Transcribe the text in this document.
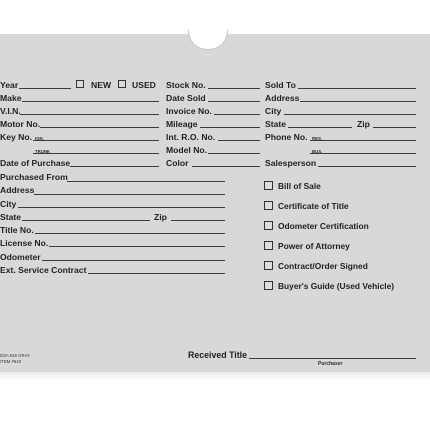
Year	NEW USED Stock No.	Sold To
Make	Date Sold	Address
V.I.N.	Invoice No.	City
Motor No.	Mileage	State	Zip
Key No. IGN.	Int. R.O. No.	Phone No. RES.
TRUNK	Model No.	BUS.
Date of Purchase	Color	Salesperson
Purchased From
Address
City
State	Zip
Title No.
License No.
Odometer
Ext. Service Contract
Bill of Sale
Certificate of Title
Odometer Certification
Power of Attorney
Contract/Order Signed
Buyer's Guide (Used Vehicle)
Received Title
Purchaser
DSA 546 GRAY
ITEM #519
